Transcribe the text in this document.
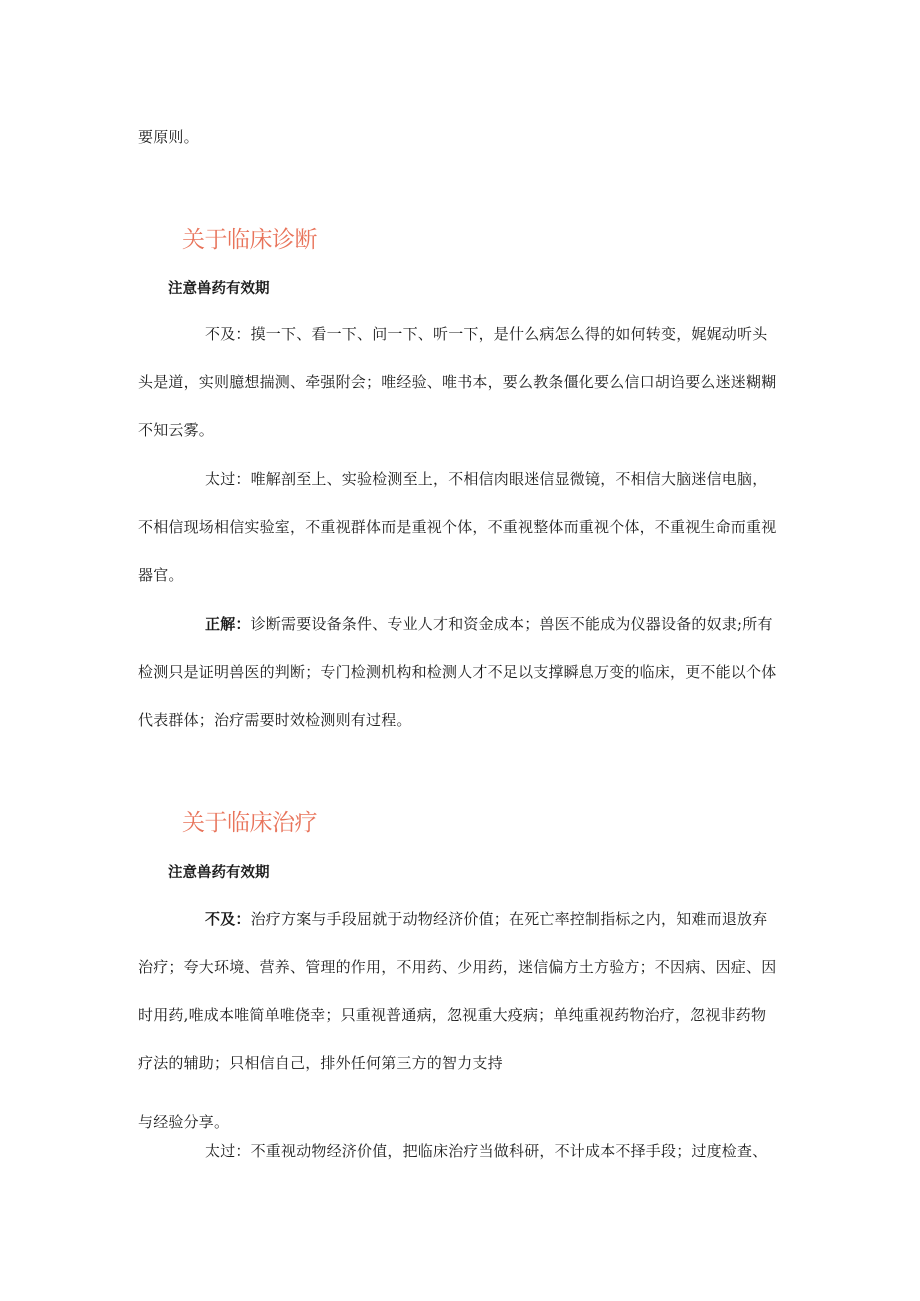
要原则。
关于临床诊断
注意兽药有效期
不及：摸一下、看一下、问一下、听一下，是什么病怎么得的如何转变，娓娓动听头
头是道，实则臆想揣测、牵强附会；唯经验、唯书本，要么教条僵化要么信口胡诌要么迷迷糊糊
不知云雾。
太过：唯解剖至上、实验检测至上，不相信肉眼迷信显微镜，不相信大脑迷信电脑，
不相信现场相信实验室，不重视群体而是重视个体，不重视整体而重视个体，不重视生命而重视
器官。
正解：诊断需要设备条件、专业人才和资金成本；兽医不能成为仪器设备的奴隶;所有
检测只是证明兽医的判断；专门检测机构和检测人才不足以支撑瞬息万变的临床，更不能以个体
代表群体；治疗需要时效检测则有过程。
关于临床治疗
注意兽药有效期
不及：治疗方案与手段屈就于动物经济价值；在死亡率控制指标之内，知难而退放弃
治疗；夸大环境、营养、管理的作用，不用药、少用药，迷信偏方土方验方；不因病、因症、因
时用药,唯成本唯简单唯侥幸；只重视普通病，忽视重大疫病；单纯重视药物治疗，忽视非药物
疗法的辅助；只相信自己，排外任何第三方的智力支持
与经验分享。
太过：不重视动物经济价值，把临床治疗当做科研，不计成本不择手段；过度检查、
